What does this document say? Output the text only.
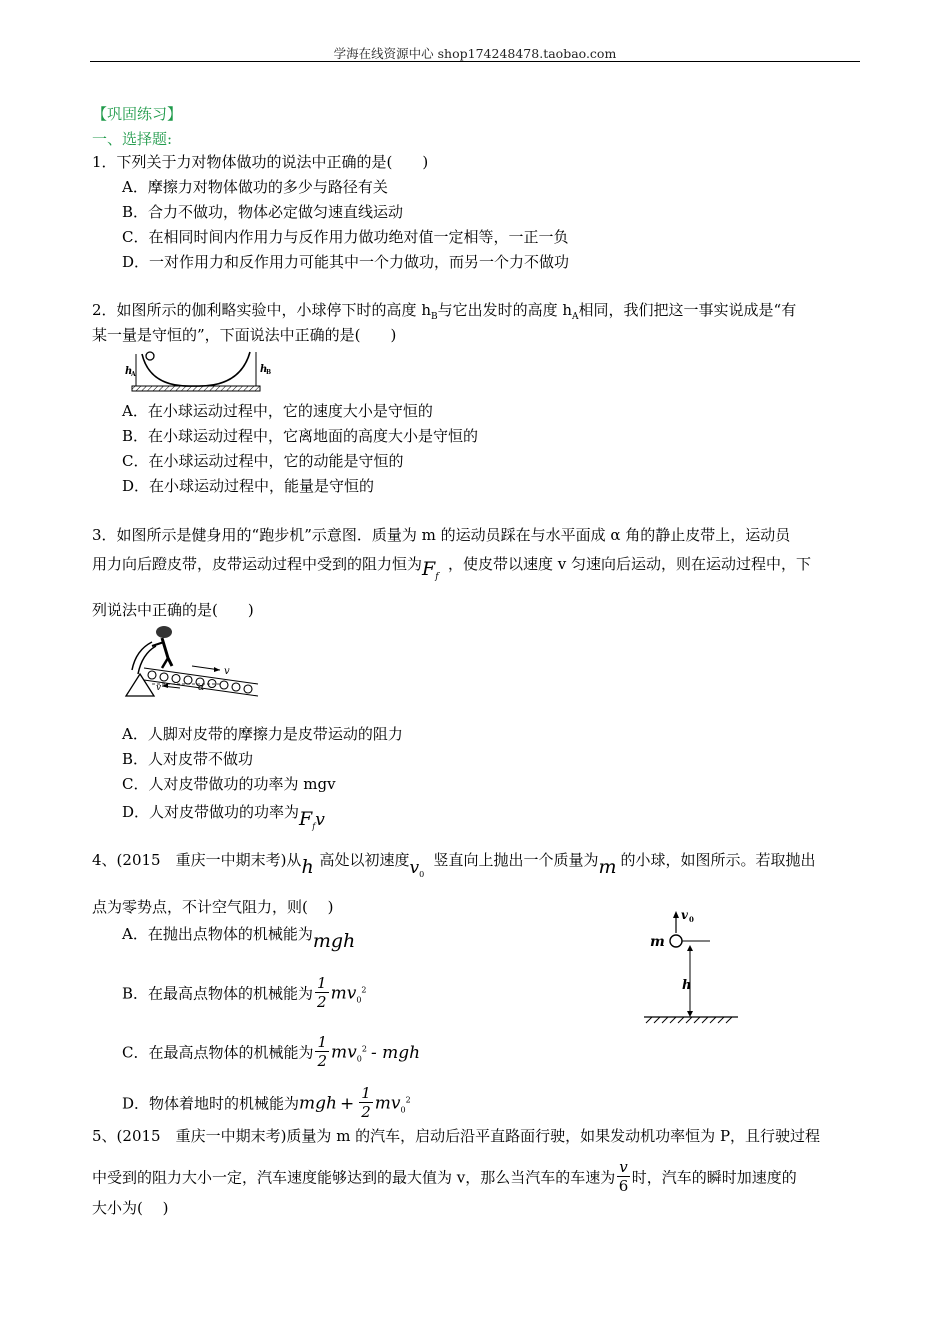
学海在线资源中心 shop174248478.taobao.com
【巩固练习】
一、选择题:
1．下列关于力对物体做功的说法中正确的是(　　)
A．摩擦力对物体做功的多少与路径有关
B．合力不做功，物体必定做匀速直线运动
C．在相同时间内作用力与反作用力做功绝对值一定相等，一正一负
D．一对作用力和反作用力可能其中一个力做功，而另一个力不做功
2．如图所示的伽利略实验中，小球停下时的高度 $h_B$与它出发时的高度 $h_A$相同，我们把这一事实说成是“有
某一量是守恒的”，下面说法中正确的是(　　)
h
A	h
B
A．在小球运动过程中，它的速度大小是守恒的
B．在小球运动过程中，它离地面的高度大小是守恒的
C．在小球运动过程中，它的动能是守恒的
D．在小球运动过程中，能量是守恒的
3．如图所示是健身用的“跑步机”示意图．质量为 m 的运动员踩在与水平面成 α 角的静止皮带上，运动员
用力向后蹬皮带，皮带运动过程中受到的阻力恒为$F_f$，使皮带以速度 v 匀速向后运动，则在运动过程中，下
列说法中正确的是(　　)
v
v	α
A．人脚对皮带的摩擦力是皮带运动的阻力
B．人对皮带不做功
C．人对皮带做功的功率为 mgv
D．人对皮带做功的功率为$F_fv$
4、(2015　重庆一中期末考)从h 高处以初速度$v_0$竖直向上抛出一个质量为m 的小球，如图所示。若取抛出
点为零势点，不计空气阻力，则(　 )
A．在抛出点物体的机械能为mgh
B．在最高点物体的机械能为 $\frac{1}{2} mv_0^2$
C．在最高点物体的机械能为 $\frac{1}{2} mv_0^2$ - mgh
D．物体着地时的机械能为mgh + $\frac{1}{2} mv_0^2$
v 0
m
h
5、(2015　重庆一中期末考)质量为 m 的汽车，启动后沿平直路面行驶，如果发动机功率恒为 P，且行驶过程
中受到的阻力大小一定，汽车速度能够达到的最大值为 v，那么当汽车的车速为 $\frac{v}{6}$ 时，汽车的瞬时加速度的
大小为(　 )
